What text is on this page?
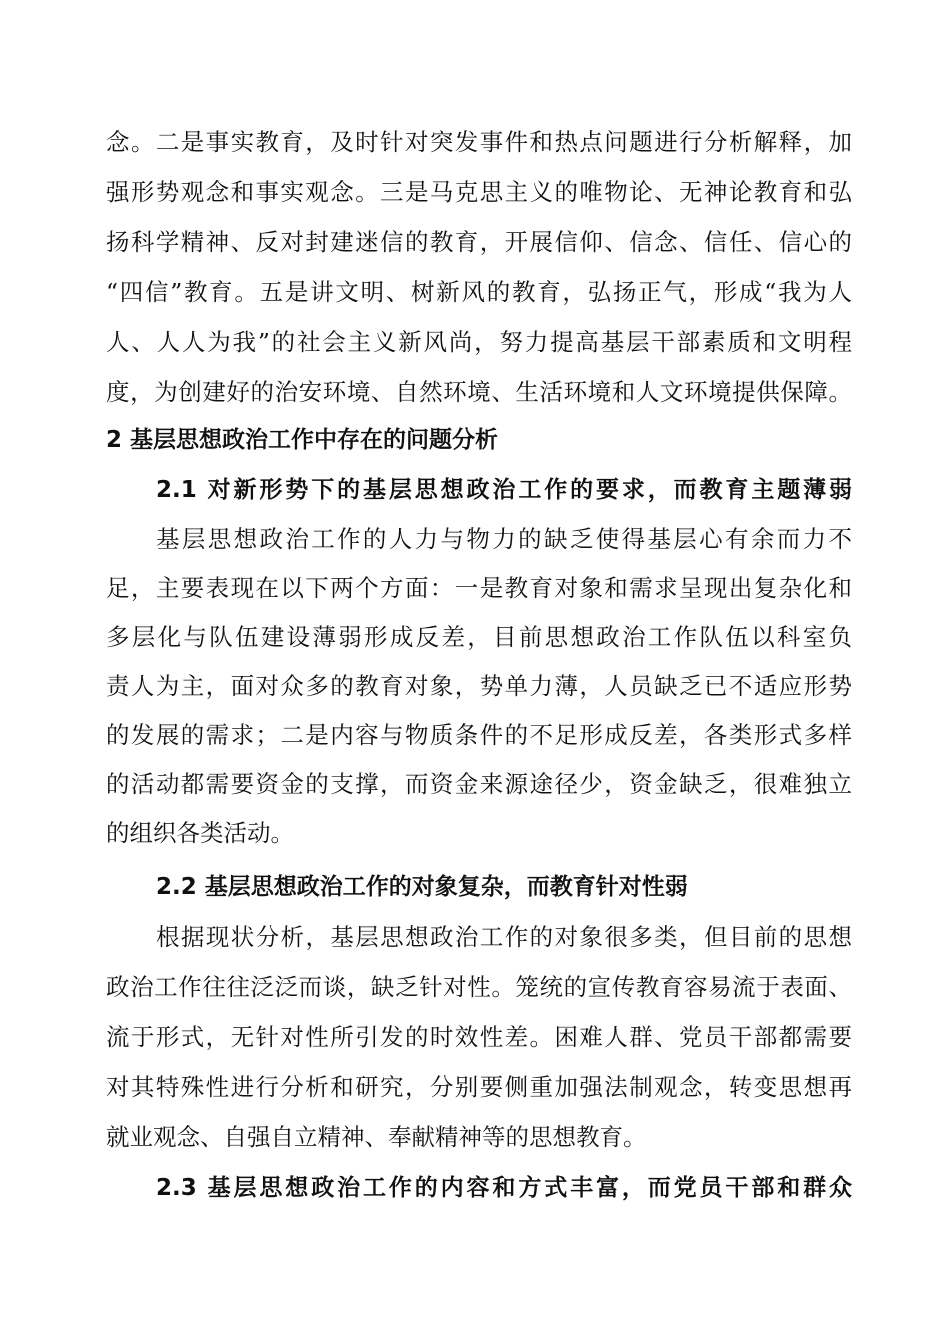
念。二是事实教育，及时针对突发事件和热点问题进行分析解释，加
强形势观念和事实观念。三是马克思主义的唯物论、无神论教育和弘
扬科学精神、反对封建迷信的教育，开展信仰、信念、信任、信心的
“四信”教育。五是讲文明、树新风的教育，弘扬正气，形成“我为人
人、人人为我”的社会主义新风尚，努力提高基层干部素质和文明程
度，为创建好的治安环境、自然环境、生活环境和人文环境提供保障。
2 基层思想政治工作中存在的问题分析
2.1 对新形势下的基层思想政治工作的要求，而教育主题薄弱
基层思想政治工作的人力与物力的缺乏使得基层心有余而力不
足，主要表现在以下两个方面：一是教育对象和需求呈现出复杂化和
多层化与队伍建设薄弱形成反差，目前思想政治工作队伍以科室负
责人为主，面对众多的教育对象，势单力薄，人员缺乏已不适应形势
的发展的需求；二是内容与物质条件的不足形成反差，各类形式多样
的活动都需要资金的支撑，而资金来源途径少，资金缺乏，很难独立
的组织各类活动。
2.2 基层思想政治工作的对象复杂，而教育针对性弱
根据现状分析，基层思想政治工作的对象很多类，但目前的思想
政治工作往往泛泛而谈，缺乏针对性。笼统的宣传教育容易流于表面、
流于形式，无针对性所引发的时效性差。困难人群、党员干部都需要
对其特殊性进行分析和研究，分别要侧重加强法制观念，转变思想再
就业观念、自强自立精神、奉献精神等的思想教育。
2.3 基层思想政治工作的内容和方式丰富，而党员干部和群众
